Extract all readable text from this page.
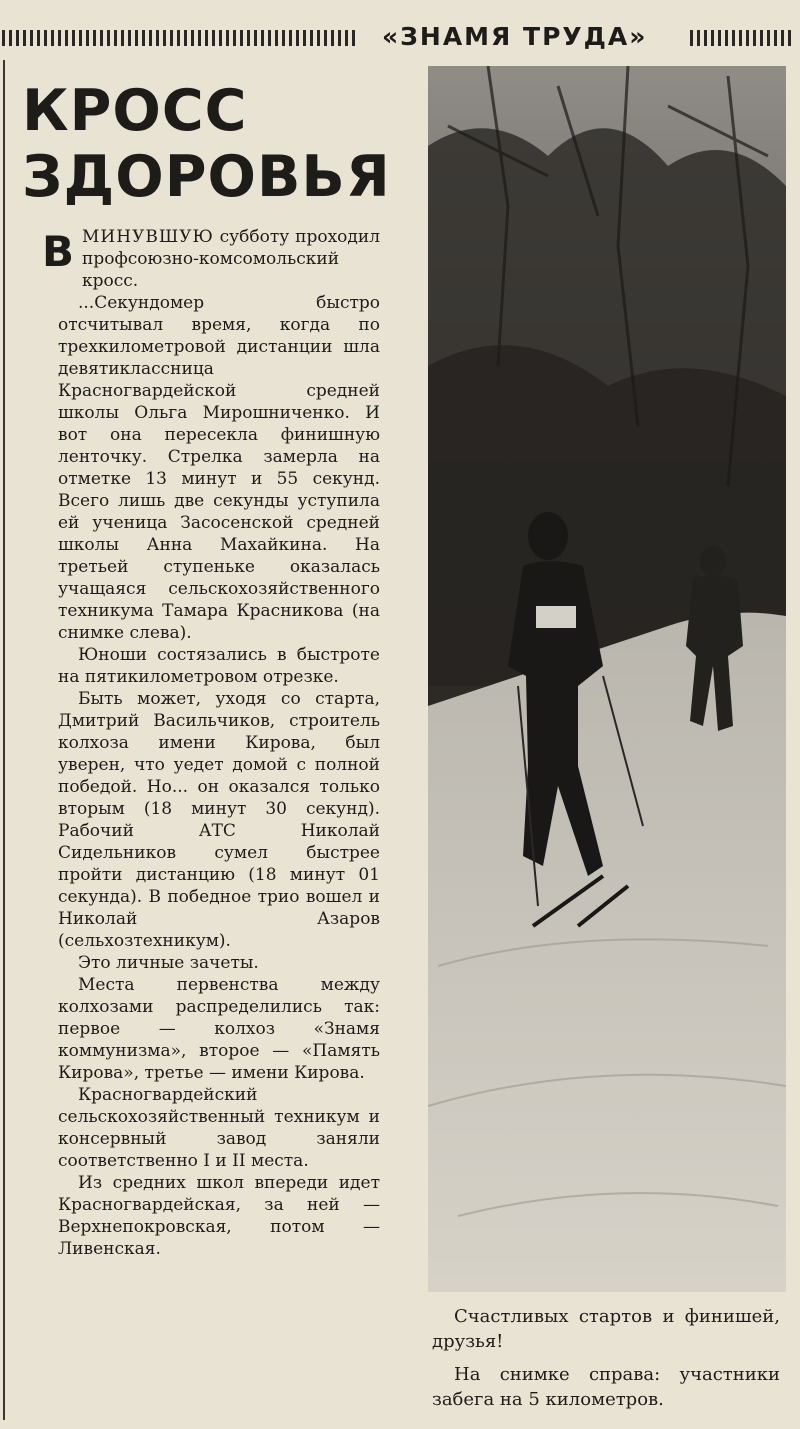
«ЗНАМЯ ТРУДА»
КРОСС
ЗДОРОВЬЯ

ВМИНУВШУЮ субботу проходил профсоюзно-комсомольский кросс.

...Секундомер быстро отсчитывал время, когда по трехкилометровой дистанции шла девятиклассница Красногвардейской средней школы Ольга Мирошниченко. И вот она пересекла финишную ленточку. Стрелка замерла на отметке 13 минут и 55 секунд. Всего лишь две секунды уступила ей ученица Засосенской средней школы Анна Махайкина. На третьей ступеньке оказалась учащаяся сельскохозяйственного техникума Тамара Красникова (на снимке слева).

Юноши состязались в быстроте на пятикилометровом отрезке.

Быть может, уходя со старта, Дмитрий Васильчиков, строитель колхоза имени Кирова, был уверен, что уедет домой с полной победой. Но... он оказался только вторым (18 минут 30 секунд). Рабочий АТС Николай Сидельников сумел быстрее пройти дистанцию (18 минут 01 секунда). В победное трио вошел и Николай Азаров (сельхозтехникум).

Это личные зачеты.

Места первенства между колхозами распределились так: первое — колхоз «Знамя коммунизма», второе — «Память Кирова», третье — имени Кирова.

Красногвардейский сельскохозяйственный техникум и консервный завод заняли соответственно I и II места.

Из средних школ впереди идет Красногвардейская, за ней — Верхнепокровская, потом — Ливенская.

Счастливых стартов и финишей, друзья!

На снимке справа: участники забега на 5 километров.
